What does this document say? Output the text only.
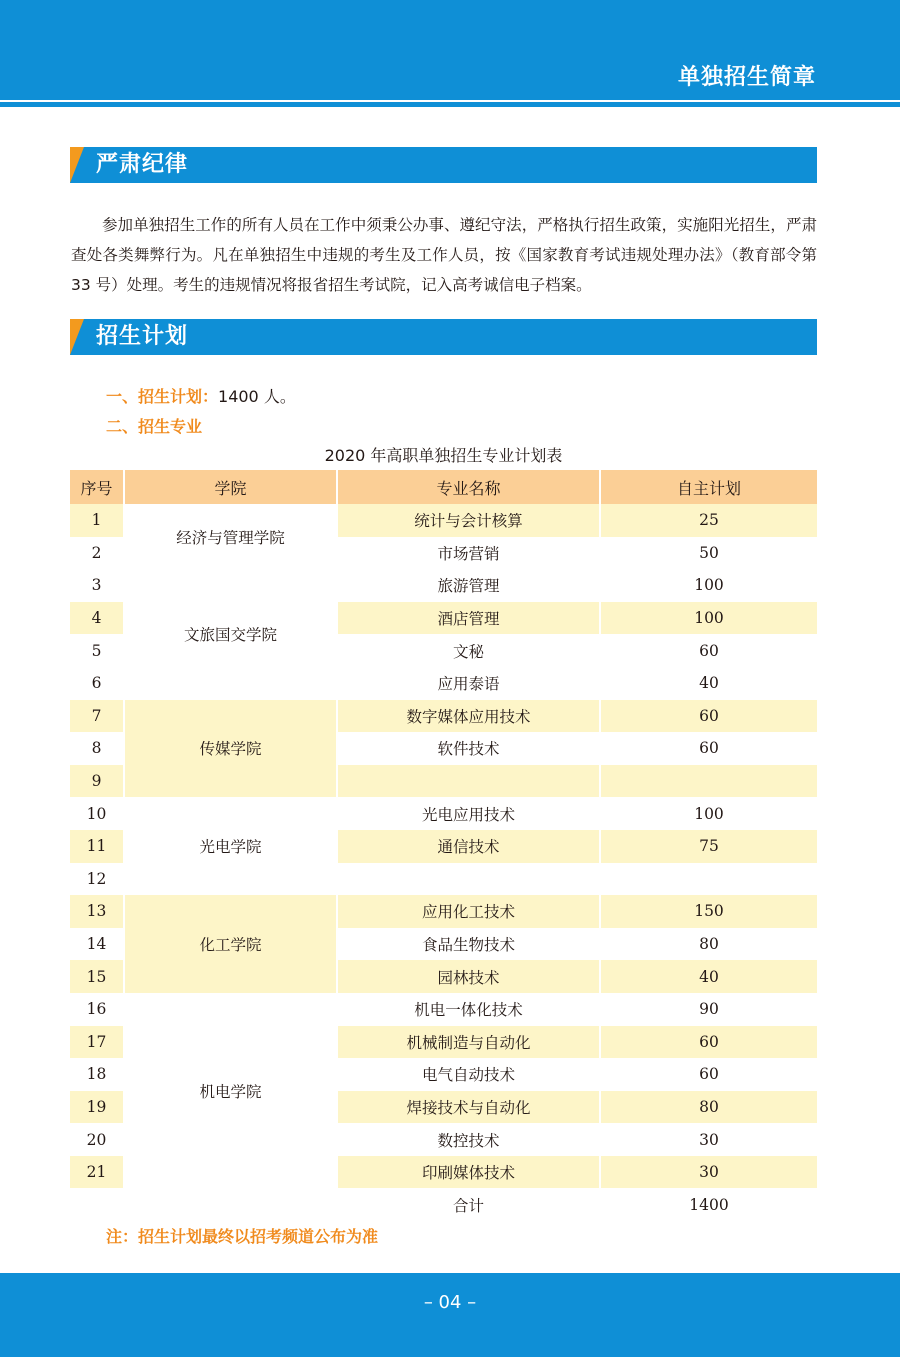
单独招生简章
严肃纪律

参加单独招生工作的所有人员在工作中须秉公办事、遵纪守法，严格执行招生政策，实施阳光招生，严肃查处各类舞弊行为。凡在单独招生中违规的考生及工作人员，按《国家教育考试违规处理办法》（教育部令第 33 号）处理。考生的违规情况将报省招生考试院，记入高考诚信电子档案。

招生计划
一、招生计划：1400 人。
二、招生专业
2020 年高职单独招生专业计划表
序号	学院	专业名称	自主计划
1	经济与管理学院	统计与会计核算	25
2		市场营销	50
3	文旅国交学院	旅游管理	100
4		酒店管理	100
5		文秘	60
6		应用泰语	40
7	传媒学院	数字媒体应用技术	60
8		软件技术	60
9			
10	光电学院	光电应用技术	100
11		通信技术	75
12			
13	化工学院	应用化工技术	150
14		食品生物技术	80
15		园林技术	40
16	机电学院	机电一体化技术	90
17		机械制造与自动化	60
18		电气自动技术	60
19		焊接技术与自动化	80
20		数控技术	30
21		印刷媒体技术	30
		合计	1400
注：招生计划最终以招考频道公布为准
– 04 –
